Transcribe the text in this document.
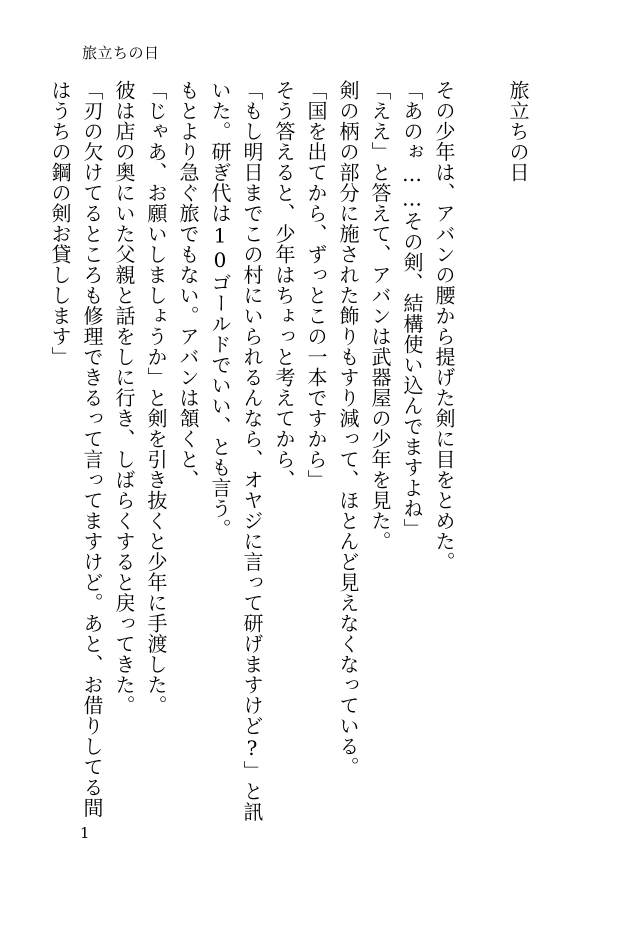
旅立ちの日
旅立ちの日
その少年は、アバンの腰から提げた剣に目をとめた。
「あのぉ……その剣、結構使い込んでますよね」
「ええ」と答えて、アバンは武器屋の少年を見た。
剣の柄の部分に施された飾りもすり減って、ほとんど見えなくなっている。
「国を出てから、ずっとこの一本ですから」
そう答えると、少年はちょっと考えてから、
「もし明日までこの村にいられるんなら、オヤジに言って研げますけど?」と訊
いた。研ぎ代は10ゴールドでいい、とも言う。
もとより急ぐ旅でもない。アバンは頷くと、
「じゃあ、お願いしましょうか」と剣を引き抜くと少年に手渡した。
彼は店の奥にいた父親と話をしに行き、しばらくすると戻ってきた。
「刃の欠けてるところも修理できるって言ってますけど。あと、お借りしてる間
はうちの鋼の剣お貸しします」
1
